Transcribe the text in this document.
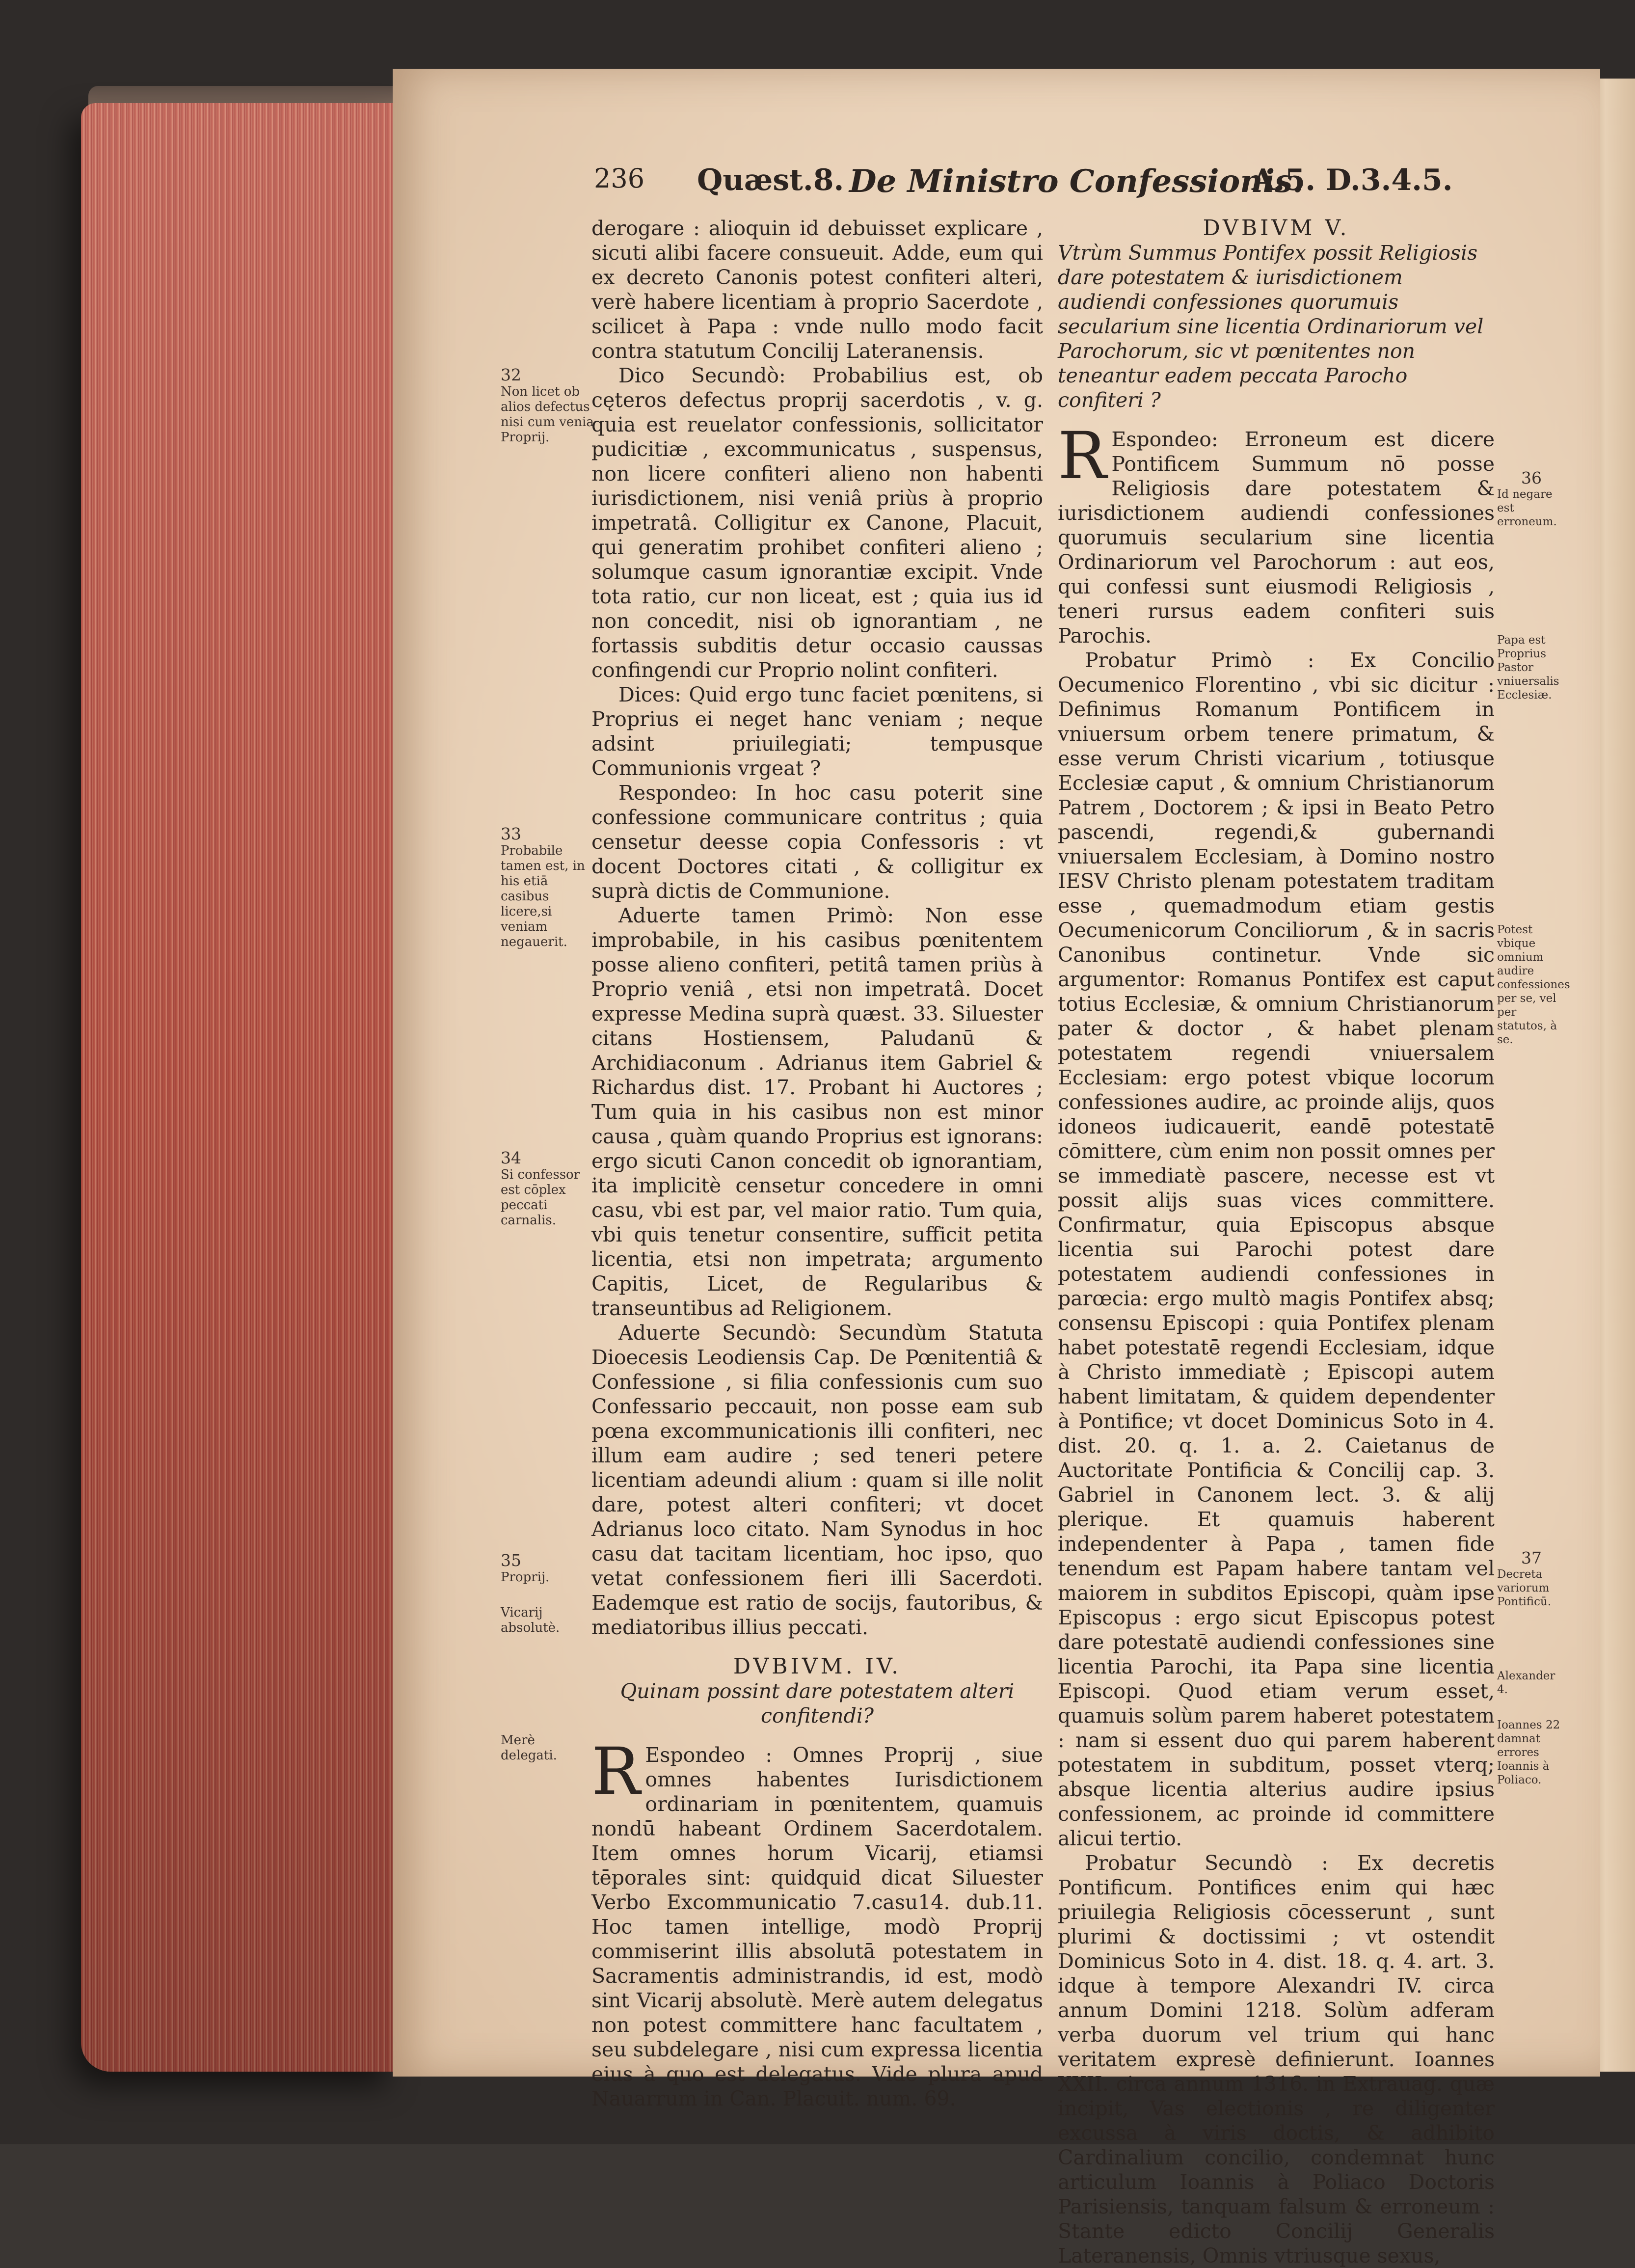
236 Quæst.8. De Ministro Confessionis.
A.5. D.3.4.5.

derogare : alioquin id debuisset explicare , sicuti alibi facere consueuit. Adde, eum qui ex decreto Canonis potest confiteri alteri, verè habere licentiam à proprio Sacerdote , scilicet à Papa : vnde nullo modo facit contra statutum Concilij Lateranensis.

Dico Secundò: Probabilius est, ob cęteros defectus proprij sacerdotis , v. g. quia est reuelator confessionis, sollicitator pudicitiæ , excommunicatus , suspensus, non licere confiteri alieno non habenti iurisdictionem, nisi veniâ priùs à proprio impetratâ. Colligitur ex Canone, Placuit, qui generatim prohibet confiteri alieno ; solumque casum ignorantiæ excipit. Vnde tota ratio, cur non liceat, est ; quia ius id non concedit, nisi ob ignorantiam , ne fortassis subditis detur occasio caussas confingendi cur Proprio nolint confiteri.

Dices: Quid ergo tunc faciet pœnitens, si Proprius ei neget hanc veniam ; neque adsint priuilegiati; tempusque Communionis vrgeat ?

Respondeo: In hoc casu poterit sine confessione communicare contritus ; quia censetur deesse copia Confessoris : vt docent Doctores citati , & colligitur ex suprà dictis de Communione.

Aduerte tamen Primò: Non esse improbabile, in his casibus pœnitentem posse alieno confiteri, petitâ tamen priùs à Proprio veniâ , etsi non impetratâ. Docet expresse Medina suprà quæst. 33. Siluester citans Hostiensem, Paludanū & Archidiaconum . Adrianus item Gabriel & Richardus dist. 17. Probant hi Auctores ; Tum quia in his casibus non est minor causa , quàm quando Proprius est ignorans: ergo sicuti Canon concedit ob ignorantiam, ita implicitè censetur concedere in omni casu, vbi est par, vel maior ratio. Tum quia, vbi quis tenetur consentire, sufficit petita licentia, etsi non impetrata; argumento Capitis, Licet, de Regularibus & transeuntibus ad Religionem.

Aduerte Secundò: Secundùm Statuta Dioecesis Leodiensis Cap. De Pœnitentiâ & Confessione , si filia confessionis cum suo Confessario peccauit, non posse eam sub pœna excommunicationis illi confiteri, nec illum eam audire ; sed teneri petere licentiam adeundi alium : quam si ille nolit dare, potest alteri confiteri; vt docet Adrianus loco citato. Nam Synodus in hoc casu dat tacitam licentiam, hoc ipso, quo vetat confessionem fieri illi Sacerdoti. Eademque est ratio de socijs, fautoribus, & mediatoribus illius peccati.

DVBIVM. IV.

Quinam possint dare potestatem alteri confitendi?

R Espondeo : Omnes Proprij , siue omnes habentes Iurisdictionem ordinariam in pœnitentem, quamuis nondū habeant Ordinem Sacerdotalem. Item omnes horum Vicarij, etiamsi tēporales sint: quidquid dicat Siluester Verbo Excommunicatio 7.casu14. dub.11. Hoc tamen intellige, modò Proprij commiserint illis absolutā potestatem in Sacramentis administrandis, id est, modò sint Vicarij absolutè. Merè autem delegatus non potest committere hanc facultatem , seu subdelegare , nisi cum expressa licentia eius à quo est delegatus. Vide plura apud Nauarrum in Can. Placuit. num. 69.

DVBIVM V.

Vtrùm Summus Pontifex possit Religiosis dare potestatem & iurisdictionem audiendi confessiones quorumuis secularium sine licentia Ordinariorum vel Parochorum, sic vt pœnitentes non teneantur eadem peccata Parocho confiteri ?

R Espondeo: Erroneum est dicere Pontificem Summum nō posse Religiosis dare potestatem & iurisdictionem audiendi confessiones quorumuis secularium sine licentia Ordinariorum vel Parochorum : aut eos, qui confessi sunt eiusmodi Religiosis , teneri rursus eadem confiteri suis Parochis.

Probatur Primò : Ex Concilio Oecumenico Florentino , vbi sic dicitur : Definimus Romanum Pontificem in vniuersum orbem tenere primatum, & esse verum Christi vicarium , totiusque Ecclesiæ caput , & omnium Christianorum Patrem , Doctorem ; & ipsi in Beato Petro pascendi, regendi,& gubernandi vniuersalem Ecclesiam, à Domino nostro IESV Christo plenam potestatem traditam esse , quemadmodum etiam gestis Oecumenicorum Conciliorum , & in sacris Canonibus continetur. Vnde sic argumentor: Romanus Pontifex est caput totius Ecclesiæ, & omnium Christianorum pater & doctor , & habet plenam potestatem regendi vniuersalem Ecclesiam: ergo potest vbique locorum confessiones audire, ac proinde alijs, quos idoneos iudicauerit, eandē potestatē cōmittere, cùm enim non possit omnes per se immediatè pascere, necesse est vt possit alijs suas vices committere. Confirmatur, quia Episcopus absque licentia sui Parochi potest dare potestatem audiendi confessiones in parœcia: ergo multò magis Pontifex absq; consensu Episcopi : quia Pontifex plenam habet potestatē regendi Ecclesiam, idque à Christo immediatè ; Episcopi autem habent limitatam, & quidem dependenter à Pontifice; vt docet Dominicus Soto in 4. dist. 20. q. 1. a. 2. Caietanus de Auctoritate Pontificia & Concilij cap. 3. Gabriel in Canonem lect. 3. & alij plerique. Et quamuis haberent independenter à Papa , tamen fide tenendum est Papam habere tantam vel maiorem in subditos Episcopi, quàm ipse Episcopus : ergo sicut Episcopus potest dare potestatē audiendi confessiones sine licentia Parochi, ita Papa sine licentia Episcopi. Quod etiam verum esset, quamuis solùm parem haberet potestatem : nam si essent duo qui parem haberent potestatem in subditum, posset vterq; absque licentia alterius audire ipsius confessionem, ac proinde id committere alicui tertio.

Probatur Secundò : Ex decretis Pontificum. Pontifices enim qui hæc priuilegia Religiosis cōcesserunt , sunt plurimi & doctissimi ; vt ostendit Dominicus Soto in 4. dist. 18. q. 4. art. 3. idque à tempore Alexandri IV. circa annum Domini 1218. Solùm adferam verba duorum vel trium qui hanc veritatem expresè definierunt. Ioannes XXII. circa annum 1316. in Extrauag. quæ incipit, Vas electionis , re diligenter excussa à viris doctis, & adhibito Cardinalium concilio, condemnat hunc articulum Ioannis à Poliaco Doctoris Parisiensis, tanquam falsum & erroneum : Stante edicto Concilij Generalis Lateranensis, Omnis vtriusque sexus,

32
Non licet ob alios defectus nisi cum venia Proprij.
33
Probabile tamen est, in his etiā casibus licere,si veniam negauerit.
34
Si confessor est cōplex peccati carnalis.
35
Proprij.
Vicarij absolutè.
Merè delegati.
36
Id negare est erroneum.
Papa est Proprius Pastor vniuersalis Ecclesiæ.
Potest vbique omnium audire confessiones per se, vel per statutos, à se.
37
Decreta variorum Pontificū.
Alexander 4.
Ioannes 22 damnat errores Ioannis à Poliaco.
